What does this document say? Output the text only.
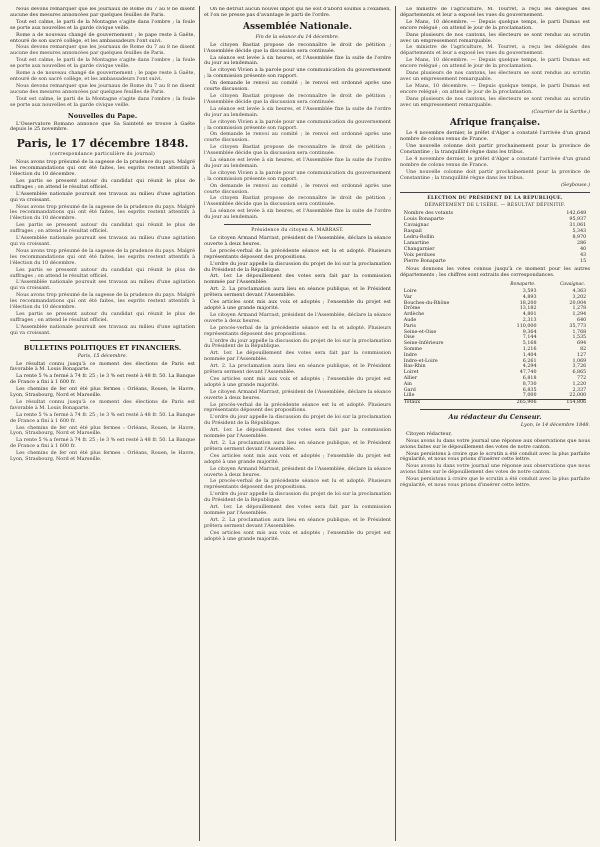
Nous devons remarquer que les journaux de Rome du 7 au 8 ne disent aucune des mesures annoncées par quelques feuilles de Paris.

Tout est calme, le parti de la Montagne s'agite dans l'ombre ; la foule se porte aux nouvelles et la garde civique veille.

Rome a de nouveau changé de gouvernement ; le pape reste à Gaëte, entouré de son sacré collège, et les ambassadeurs l'ont suivi.

Nous devons remarquer que les journaux de Rome du 7 au 8 ne disent aucune des mesures annoncées par quelques feuilles de Paris.

Tout est calme, le parti de la Montagne s'agite dans l'ombre ; la foule se porte aux nouvelles et la garde civique veille.

Rome a de nouveau changé de gouvernement ; le pape reste à Gaëte, entouré de son sacré collège, et les ambassadeurs l'ont suivi.

Nous devons remarquer que les journaux de Rome du 7 au 8 ne disent aucune des mesures annoncées par quelques feuilles de Paris.

Tout est calme, le parti de la Montagne s'agite dans l'ombre ; la foule se porte aux nouvelles et la garde civique veille.

Nouvelles du Pape.

L'Osservatore Romano annonce que Sa Sainteté se trouve à Gaëte depuis le 25 novembre.

Paris, le 17 décembre 1848.
(correspondance particulière du journal)

Nous avons trop présumé de la sagesse de la prudence du pays. Malgré les recommandations qui ont été faites, les esprits restent attentifs à l'élection du 10 décembre.

Les partis se pressent autour du candidat qui réunit le plus de suffrages ; on attend le résultat officiel.

L'Assemblée nationale poursuit ses travaux au milieu d'une agitation qui va croissant.

Nous avons trop présumé de la sagesse de la prudence du pays. Malgré les recommandations qui ont été faites, les esprits restent attentifs à l'élection du 10 décembre.

Les partis se pressent autour du candidat qui réunit le plus de suffrages ; on attend le résultat officiel.

L'Assemblée nationale poursuit ses travaux au milieu d'une agitation qui va croissant.

Nous avons trop présumé de la sagesse de la prudence du pays. Malgré les recommandations qui ont été faites, les esprits restent attentifs à l'élection du 10 décembre.

Les partis se pressent autour du candidat qui réunit le plus de suffrages ; on attend le résultat officiel.

L'Assemblée nationale poursuit ses travaux au milieu d'une agitation qui va croissant.

Nous avons trop présumé de la sagesse de la prudence du pays. Malgré les recommandations qui ont été faites, les esprits restent attentifs à l'élection du 10 décembre.

Les partis se pressent autour du candidat qui réunit le plus de suffrages ; on attend le résultat officiel.

L'Assemblée nationale poursuit ses travaux au milieu d'une agitation qui va croissant.

BULLETINS POLITIQUES ET FINANCIERS.
Paris, 15 décembre.

Le résultat connu jusqu'à ce moment des élections de Paris est favorable à M. Louis Bonaparte.

La rente 5 % a fermé à 74 fr. 25 ; le 3 % est resté à 48 fr. 50. La Banque de France a fini à 1 600 fr.

Les chemins de fer ont été plus fermes : Orléans, Rouen, le Havre, Lyon, Strasbourg, Nord et Marseille.

Le résultat connu jusqu'à ce moment des élections de Paris est favorable à M. Louis Bonaparte.

La rente 5 % a fermé à 74 fr. 25 ; le 3 % est resté à 48 fr. 50. La Banque de France a fini à 1 600 fr.

Les chemins de fer ont été plus fermes : Orléans, Rouen, le Havre, Lyon, Strasbourg, Nord et Marseille.

La rente 5 % a fermé à 74 fr. 25 ; le 3 % est resté à 48 fr. 50. La Banque de France a fini à 1 600 fr.

Les chemins de fer ont été plus fermes : Orléans, Rouen, le Havre, Lyon, Strasbourg, Nord et Marseille.

On ne détruit aucun nouvel impôt qui ne soit d'abord soumis à l'examen, et l'on ne presse pas d'avantage le parti de l'ordre.

Assemblée Nationale.
Fin de la séance du 14 décembre.

Le citoyen Bastiat propose de reconnaître le droit de pétition ; l'Assemblée décide que la discussion sera continuée.

La séance est levée à six heures, et l'Assemblée fixe la suite de l'ordre du jour au lendemain.

Le citoyen Vivien a la parole pour une communication du gouvernement ; la commission présente son rapport.

On demande le renvoi au comité ; le renvoi est ordonné après une courte discussion.

Le citoyen Bastiat propose de reconnaître le droit de pétition ; l'Assemblée décide que la discussion sera continuée.

La séance est levée à six heures, et l'Assemblée fixe la suite de l'ordre du jour au lendemain.

Le citoyen Vivien a la parole pour une communication du gouvernement ; la commission présente son rapport.

On demande le renvoi au comité ; le renvoi est ordonné après une courte discussion.

Le citoyen Bastiat propose de reconnaître le droit de pétition ; l'Assemblée décide que la discussion sera continuée.

La séance est levée à six heures, et l'Assemblée fixe la suite de l'ordre du jour au lendemain.

Le citoyen Vivien a la parole pour une communication du gouvernement ; la commission présente son rapport.

On demande le renvoi au comité ; le renvoi est ordonné après une courte discussion.

Le citoyen Bastiat propose de reconnaître le droit de pétition ; l'Assemblée décide que la discussion sera continuée.

La séance est levée à six heures, et l'Assemblée fixe la suite de l'ordre du jour au lendemain.

Présidence du citoyen A. MARRAST.

Le citoyen Armand Marrast, président de l'Assemblée, déclare la séance ouverte à deux heures.

Le procès-verbal de la précédente séance est lu et adopté. Plusieurs représentants déposent des propositions.

L'ordre du jour appelle la discussion du projet de loi sur la proclamation du Président de la République.

Art. 1er. Le dépouillement des votes sera fait par la commission nommée par l'Assemblée.

Art. 2. La proclamation aura lieu en séance publique, et le Président prêtera serment devant l'Assemblée.

Ces articles sont mis aux voix et adoptés ; l'ensemble du projet est adopté à une grande majorité.

Le citoyen Armand Marrast, président de l'Assemblée, déclare la séance ouverte à deux heures.

Le procès-verbal de la précédente séance est lu et adopté. Plusieurs représentants déposent des propositions.

L'ordre du jour appelle la discussion du projet de loi sur la proclamation du Président de la République.

Art. 1er. Le dépouillement des votes sera fait par la commission nommée par l'Assemblée.

Art. 2. La proclamation aura lieu en séance publique, et le Président prêtera serment devant l'Assemblée.

Ces articles sont mis aux voix et adoptés ; l'ensemble du projet est adopté à une grande majorité.

Le citoyen Armand Marrast, président de l'Assemblée, déclare la séance ouverte à deux heures.

Le procès-verbal de la précédente séance est lu et adopté. Plusieurs représentants déposent des propositions.

L'ordre du jour appelle la discussion du projet de loi sur la proclamation du Président de la République.

Art. 1er. Le dépouillement des votes sera fait par la commission nommée par l'Assemblée.

Art. 2. La proclamation aura lieu en séance publique, et le Président prêtera serment devant l'Assemblée.

Ces articles sont mis aux voix et adoptés ; l'ensemble du projet est adopté à une grande majorité.

Le citoyen Armand Marrast, président de l'Assemblée, déclare la séance ouverte à deux heures.

Le procès-verbal de la précédente séance est lu et adopté. Plusieurs représentants déposent des propositions.

L'ordre du jour appelle la discussion du projet de loi sur la proclamation du Président de la République.

Art. 1er. Le dépouillement des votes sera fait par la commission nommée par l'Assemblée.

Art. 2. La proclamation aura lieu en séance publique, et le Président prêtera serment devant l'Assemblée.

Ces articles sont mis aux voix et adoptés ; l'ensemble du projet est adopté à une grande majorité.

Le ministre de l'agriculture, M. Tourret, a reçu les délégués des départements et leur a exposé les vues du gouvernement.

Le Mans, 10 décembre. — Depuis quelque temps, le parti Dumas est encore relégué ; on attend le jour de la proclamation.

Dans plusieurs de nos cantons, les électeurs se sont rendus au scrutin avec un empressement remarquable.

Le ministre de l'agriculture, M. Tourret, a reçu les délégués des départements et leur a exposé les vues du gouvernement.

Le Mans, 10 décembre. — Depuis quelque temps, le parti Dumas est encore relégué ; on attend le jour de la proclamation.

Dans plusieurs de nos cantons, les électeurs se sont rendus au scrutin avec un empressement remarquable.

Le Mans, 10 décembre. — Depuis quelque temps, le parti Dumas est encore relégué ; on attend le jour de la proclamation.

Dans plusieurs de nos cantons, les électeurs se sont rendus au scrutin avec un empressement remarquable.

(Courrier de la Sarthe.)
Afrique française.

Le 4 novembre dernier, le préfet d'Alger a constaté l'arrivée d'un grand nombre de colons venus de France.

Une nouvelle colonne doit partir prochainement pour la province de Constantine ; la tranquillité règne dans les tribus.

Le 4 novembre dernier, le préfet d'Alger a constaté l'arrivée d'un grand nombre de colons venus de France.

Une nouvelle colonne doit partir prochainement pour la province de Constantine ; la tranquillité règne dans les tribus.

(Seybouse.)
ÉLECTION DU PRÉSIDENT DE LA RÉPUBLIQUE.
DÉPARTEMENT DE L'ISÈRE. — RÉSULTAT DÉFINITIF.
Nombre des votants	142,649
Louis Bonaparte	95,937
Cavaignac	31,061
Raspail	5,343
Ledru-Rollin	8,970
Lamartine	286
Changarnier	40
Voix perdues	43
Pierre Bonaparte	15

Nous donnons les votes connus jusqu'à ce moment pour les autres départements ; les chiffres sont extraits des correspondances.

	Bonaparte.	Cavaignac.
Loire	3,593	4,363
Var	4,893	3,202
Bouches-du-Rhône	18,200	20,004
Drôme	13,182	1,278
Ardèche	4,801	1,294
Aude	2,313	640
Paris	110,000	35,773
Seine-et-Oise	9,364	1,768
Oise	7,144	1,535
Seine-Inférieure	5,168	694
Somme	1,216	82
Indre	1,404	127
Indre-et-Loire	6,261	1,069
Bas-Rhin	4,294	3,726
Loiret	47,740	6,865
Allier	6,818	772
Ain	8,730	1,220
Gard	6,835	2,337
Lille	7,000	22,000
Totaux	265,906	154,806
Au rédacteur du Censeur.
Lyon, le 14 décembre 1848.

Citoyen rédacteur,

Nous avons lu dans votre journal une réponse aux observations que nous avions faites sur le dépouillement des votes de notre canton.

Nous persistons à croire que le scrutin a été conduit avec la plus parfaite régularité, et nous vous prions d'insérer cette lettre.

Nous avons lu dans votre journal une réponse aux observations que nous avions faites sur le dépouillement des votes de notre canton.

Nous persistons à croire que le scrutin a été conduit avec la plus parfaite régularité, et nous vous prions d'insérer cette lettre.
